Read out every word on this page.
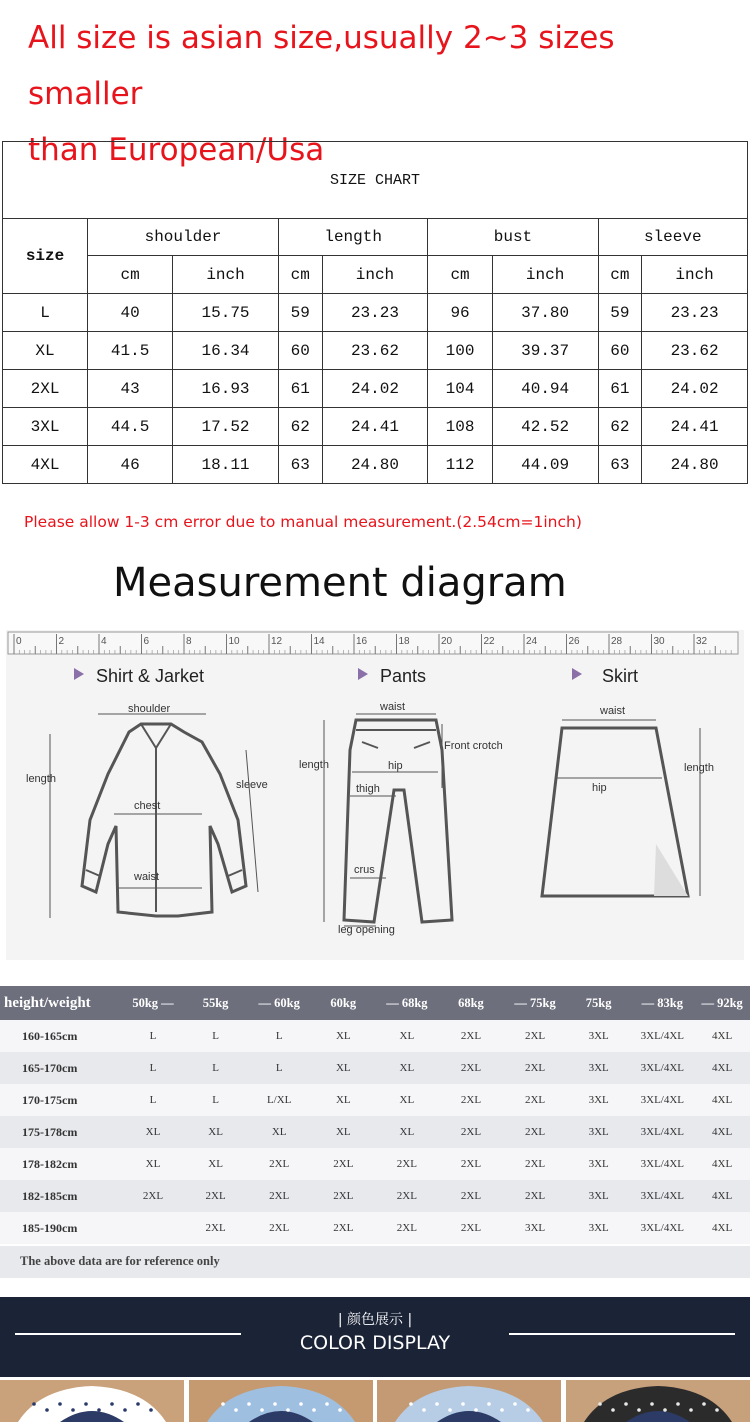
All size is asian size,usually 2~3 sizes smaller
than European/Usa
SIZE CHART								
size	shoulder		length		bust		sleeve	
	cm	inch	cm	inch	cm	inch	cm	inch
L	40	15.75	59	23.23	96	37.80	59	23.23
XL	41.5	16.34	60	23.62	100	39.37	60	23.62
2XL	43	16.93	61	24.02	104	40.94	61	24.02
3XL	44.5	17.52	62	24.41	108	42.52	62	24.41
4XL	46	18.11	63	24.80	112	44.09	63	24.80
Please allow 1-3 cm error due to manual measurement.(2.54cm=1inch)
Measurement diagram
0	2	4	6	8	10	12	14	16	18	20	22	24	26	28	30	32
Shirt & Jarket
shoulder
length	sleeve
chest
waist
Pants
waist
Front crotch
length	hip
thigh
crus
leg opening
Skirt
waist
hip
length
height/weight	50kg —	55kg	— 60kg	60kg	— 68kg	68kg	— 75kg	75kg	— 83kg	— 92kg
160-165cm	L	L	L	XL	XL	2XL	2XL	3XL	3XL/4XL	4XL
165-170cm	L	L	L	XL	XL	2XL	2XL	3XL	3XL/4XL	4XL
170-175cm	L	L	L/XL	XL	XL	2XL	2XL	3XL	3XL/4XL	4XL
175-178cm	XL	XL	XL	XL	XL	2XL	2XL	3XL	3XL/4XL	4XL
178-182cm	XL	XL	2XL	2XL	2XL	2XL	2XL	3XL	3XL/4XL	4XL
182-185cm	2XL	2XL	2XL	2XL	2XL	2XL	2XL	3XL	3XL/4XL	4XL
185-190cm		2XL	2XL	2XL	2XL	2XL	3XL	3XL	3XL/4XL	4XL
The above data are for reference only
| 颜色展示 |
COLOR DISPLAY
